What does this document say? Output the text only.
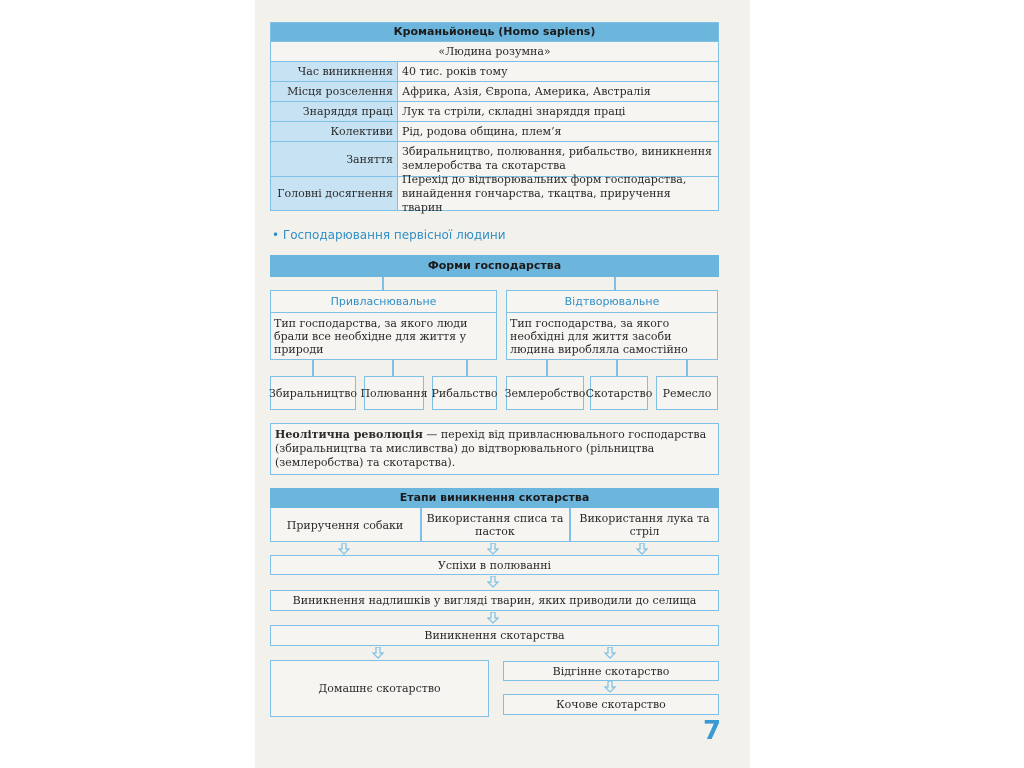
Кроманьйонець (Homo sapiens)
«Людина розумна»
Час виникнення 40 тис. років тому
Місця розселення Африка, Азія, Європа, Америка, Австралія
Знаряддя праці Лук та стріли, складні знаряддя праці
Колективи Рід, родова община, плем’я
Заняття
Збиральництво, полювання, рибальство, виникнення землеробства та скотарства
Головні досягнення
Перехід до відтворювальних форм господарства, винайдення гончарства, ткацтва, приручення тварин
• Господарювання первісної людини
Форми господарства
Привласнювальне
Тип господарства, за якого люди брали все необхідне для життя у природи
Відтворювальне
Тип господарства, за якого необхідні для життя засоби людина виробляла самостійно
Збиральництво Полювання Рибальство Землеробство Скотарство Ремесло
Неолітична революція — перехід від привласнювального господарства (збиральництва та мисливства) до відтворювального (рільництва (землеробства) та скотарства).
Етапи виникнення скотарства
Приручення собаки	Використання списа та пасток
Використання лука та стріл
Успіхи в полюванні
Виникнення надлишків у вигляді тварин, яких приводили до селища
Виникнення скотарства
Домашнє скотарство
Відгінне скотарство
Кочове скотарство
7
